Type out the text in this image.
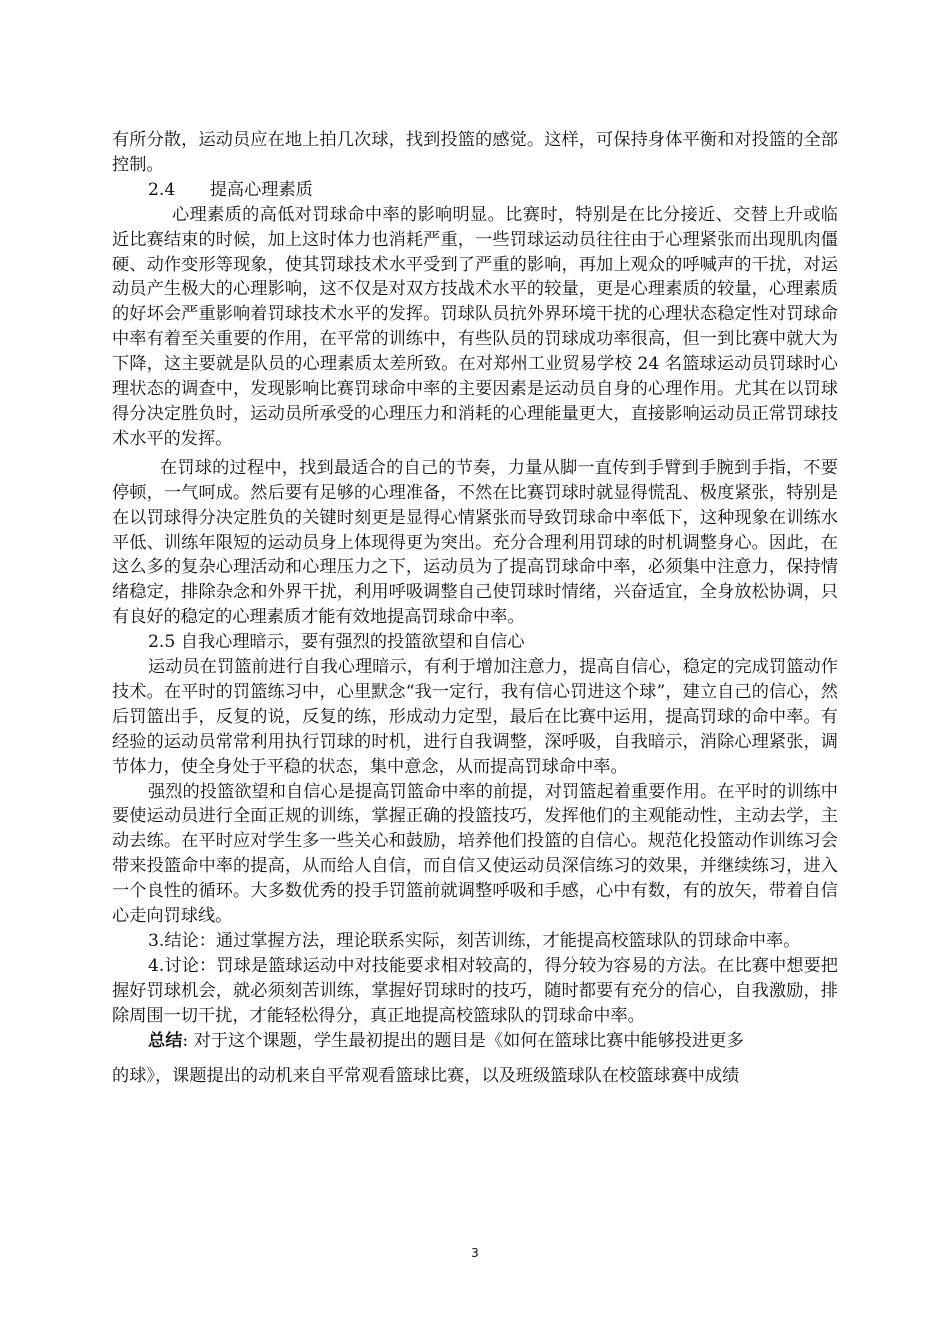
有所分散，运动员应在地上拍几次球，找到投篮的感觉。这样，可保持身体平衡和对投篮的全部控制。

2.4　　提高心理素质

心理素质的高低对罚球命中率的影响明显。比赛时，特别是在比分接近、交替上升或临近比赛结束的时候，加上这时体力也消耗严重，一些罚球运动员往往由于心理紧张而出现肌肉僵硬、动作变形等现象，使其罚球技术水平受到了严重的影响，再加上观众的呼喊声的干扰，对运动员产生极大的心理影响，这不仅是对双方技战术水平的较量，更是心理素质的较量，心理素质的好坏会严重影响着罚球技术水平的发挥。罚球队员抗外界环境干扰的心理状态稳定性对罚球命中率有着至关重要的作用，在平常的训练中，有些队员的罚球成功率很高，但一到比赛中就大为下降，这主要就是队员的心理素质太差所致。在对郑州工业贸易学校 24 名篮球运动员罚球时心理状态的调查中，发现影响比赛罚球命中率的主要因素是运动员自身的心理作用。尤其在以罚球得分决定胜负时，运动员所承受的心理压力和消耗的心理能量更大，直接影响运动员正常罚球技术水平的发挥。

在罚球的过程中，找到最适合的自己的节奏，力量从脚一直传到手臂到手腕到手指，不要停顿，一气呵成。然后要有足够的心理准备，不然在比赛罚球时就显得慌乱、极度紧张，特别是在以罚球得分决定胜负的关键时刻更是显得心情紧张而导致罚球命中率低下，这种现象在训练水平低、训练年限短的运动员身上体现得更为突出。充分合理利用罚球的时机调整身心。因此，在这么多的复杂心理活动和心理压力之下，运动员为了提高罚球命中率，必须集中注意力，保持情绪稳定，排除杂念和外界干扰，利用呼吸调整自己使罚球时情绪，兴奋适宜，全身放松协调，只有良好的稳定的心理素质才能有效地提高罚球命中率。

2.5 自我心理暗示，要有强烈的投篮欲望和自信心

运动员在罚篮前进行自我心理暗示，有利于增加注意力，提高自信心，稳定的完成罚篮动作技术。在平时的罚篮练习中，心里默念“我一定行，我有信心罚进这个球”，建立自己的信心，然后罚篮出手，反复的说，反复的练，形成动力定型，最后在比赛中运用，提高罚球的命中率。有经验的运动员常常利用执行罚球的时机，进行自我调整，深呼吸，自我暗示，消除心理紧张，调节体力，使全身处于平稳的状态，集中意念，从而提高罚球命中率。

强烈的投篮欲望和自信心是提高罚篮命中率的前提，对罚篮起着重要作用。在平时的训练中要使运动员进行全面正规的训练，掌握正确的投篮技巧，发挥他们的主观能动性，主动去学，主动去练。在平时应对学生多一些关心和鼓励，培养他们投篮的自信心。规范化投篮动作训练习会带来投篮命中率的提高，从而给人自信，而自信又使运动员深信练习的效果，并继续练习，进入一个良性的循环。大多数优秀的投手罚篮前就调整呼吸和手感，心中有数，有的放矢，带着自信心走向罚球线。

3.结论：通过掌握方法，理论联系实际，刻苦训练，才能提高校篮球队的罚球命中率。

4.讨论：罚球是篮球运动中对技能要求相对较高的，得分较为容易的方法。在比赛中想要把握好罚球机会，就必须刻苦训练，掌握好罚球时的技巧，随时都要有充分的信心，自我激励，排除周围一切干扰，才能轻松得分，真正地提高校篮球队的罚球命中率。

总结: 对于这个课题，学生最初提出的题目是《如何在篮球比赛中能够投进更多

的球》，课题提出的动机来自平常观看篮球比赛，以及班级篮球队在校篮球赛中成绩

3
